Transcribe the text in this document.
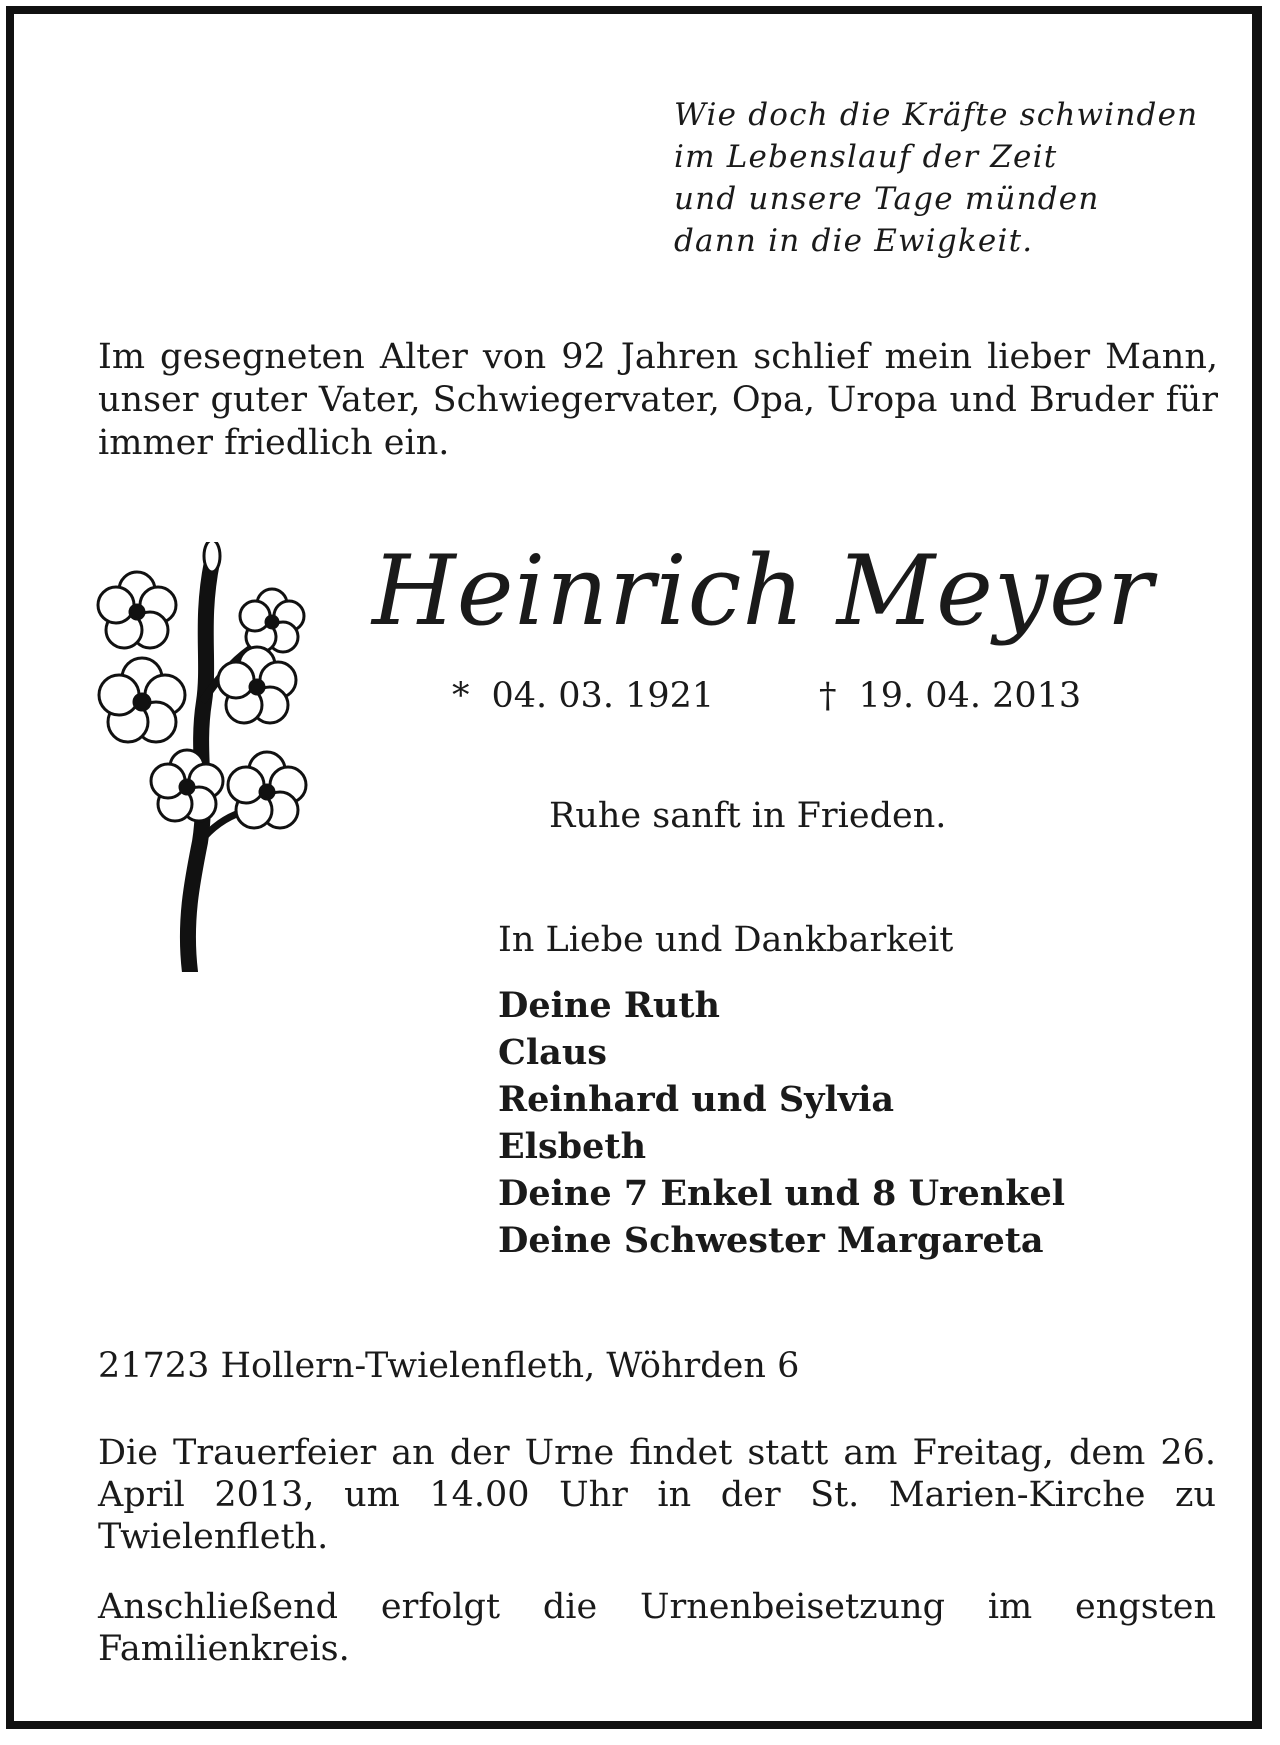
Wie doch die Kräfte schwinden
im Lebenslauf der Zeit
und unsere Tage münden
dann in die Ewigkeit.
Im gesegneten Alter von 92 Jahren schlief mein lieber Mann, unser guter Vater, Schwiegervater, Opa, Uropa und Bruder für immer friedlich ein.
Heinrich Meyer
* 04. 03. 1921	† 19. 04. 2013
Ruhe sanft in Frieden.
In Liebe und Dankbarkeit
Deine Ruth
Claus
Reinhard und Sylvia
Elsbeth
Deine 7 Enkel und 8 Urenkel
Deine Schwester Margareta
21723 Hollern-Twielenfleth, Wöhrden 6
Die Trauerfeier an der Urne findet statt am Freitag, dem 26. April 2013, um 14.00 Uhr in der St. Marien-Kirche zu Twielenfleth.
Anschließend erfolgt die Urnenbeisetzung im engsten Familienkreis.
